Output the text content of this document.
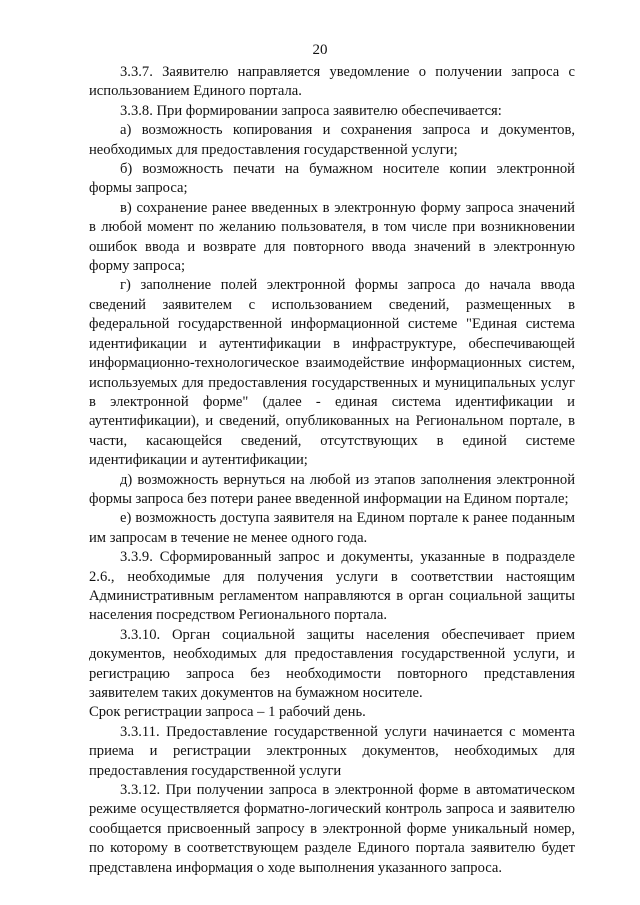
20

3.3.7. Заявителю направляется уведомление о получении запроса с использованием Единого портала.

3.3.8. При формировании запроса заявителю обеспечивается:

а) возможность копирования и сохранения запроса и документов, необходимых для предоставления государственной услуги;

б) возможность печати на бумажном носителе копии электронной формы запроса;

в) сохранение ранее введенных в электронную форму запроса значений в любой момент по желанию пользователя, в том числе при возникновении ошибок ввода и возврате для повторного ввода значений в электронную форму запроса;

г) заполнение полей электронной формы запроса до начала ввода сведений заявителем с использованием сведений, размещенных в федеральной государственной информационной системе "Единая система идентификации и аутентификации в инфраструктуре, обеспечивающей информационно-технологическое взаимодействие информационных систем, используемых для предоставления государственных и муниципальных услуг в электронной форме" (далее - единая система идентификации и аутентификации), и сведений, опубликованных на Региональном портале, в части, касающейся сведений, отсутствующих в единой системе идентификации и аутентификации;

д) возможность вернуться на любой из этапов заполнения электронной формы запроса без потери ранее введенной информации на Едином портале;

е) возможность доступа заявителя на Едином портале к ранее поданным им запросам в течение не менее одного года.

3.3.9. Сформированный запрос и документы, указанные в подразделе 2.6., необходимые для получения услуги в соответствии настоящим Административным регламентом направляются в орган социальной защиты населения посредством Регионального портала.

3.3.10. Орган социальной защиты населения обеспечивает прием документов, необходимых для предоставления государственной услуги, и регистрацию запроса без необходимости повторного представления заявителем таких документов на бумажном носителе.

Срок регистрации запроса – 1 рабочий день.

3.3.11. Предоставление государственной услуги начинается с момента приема и регистрации электронных документов, необходимых для предоставления государственной услуги

3.3.12. При получении запроса в электронной форме в автоматическом режиме осуществляется форматно-логический контроль запроса и заявителю сообщается присвоенный запросу в электронной форме уникальный номер, по которому в соответствующем разделе Единого портала заявителю будет представлена информация о ходе выполнения указанного запроса.
